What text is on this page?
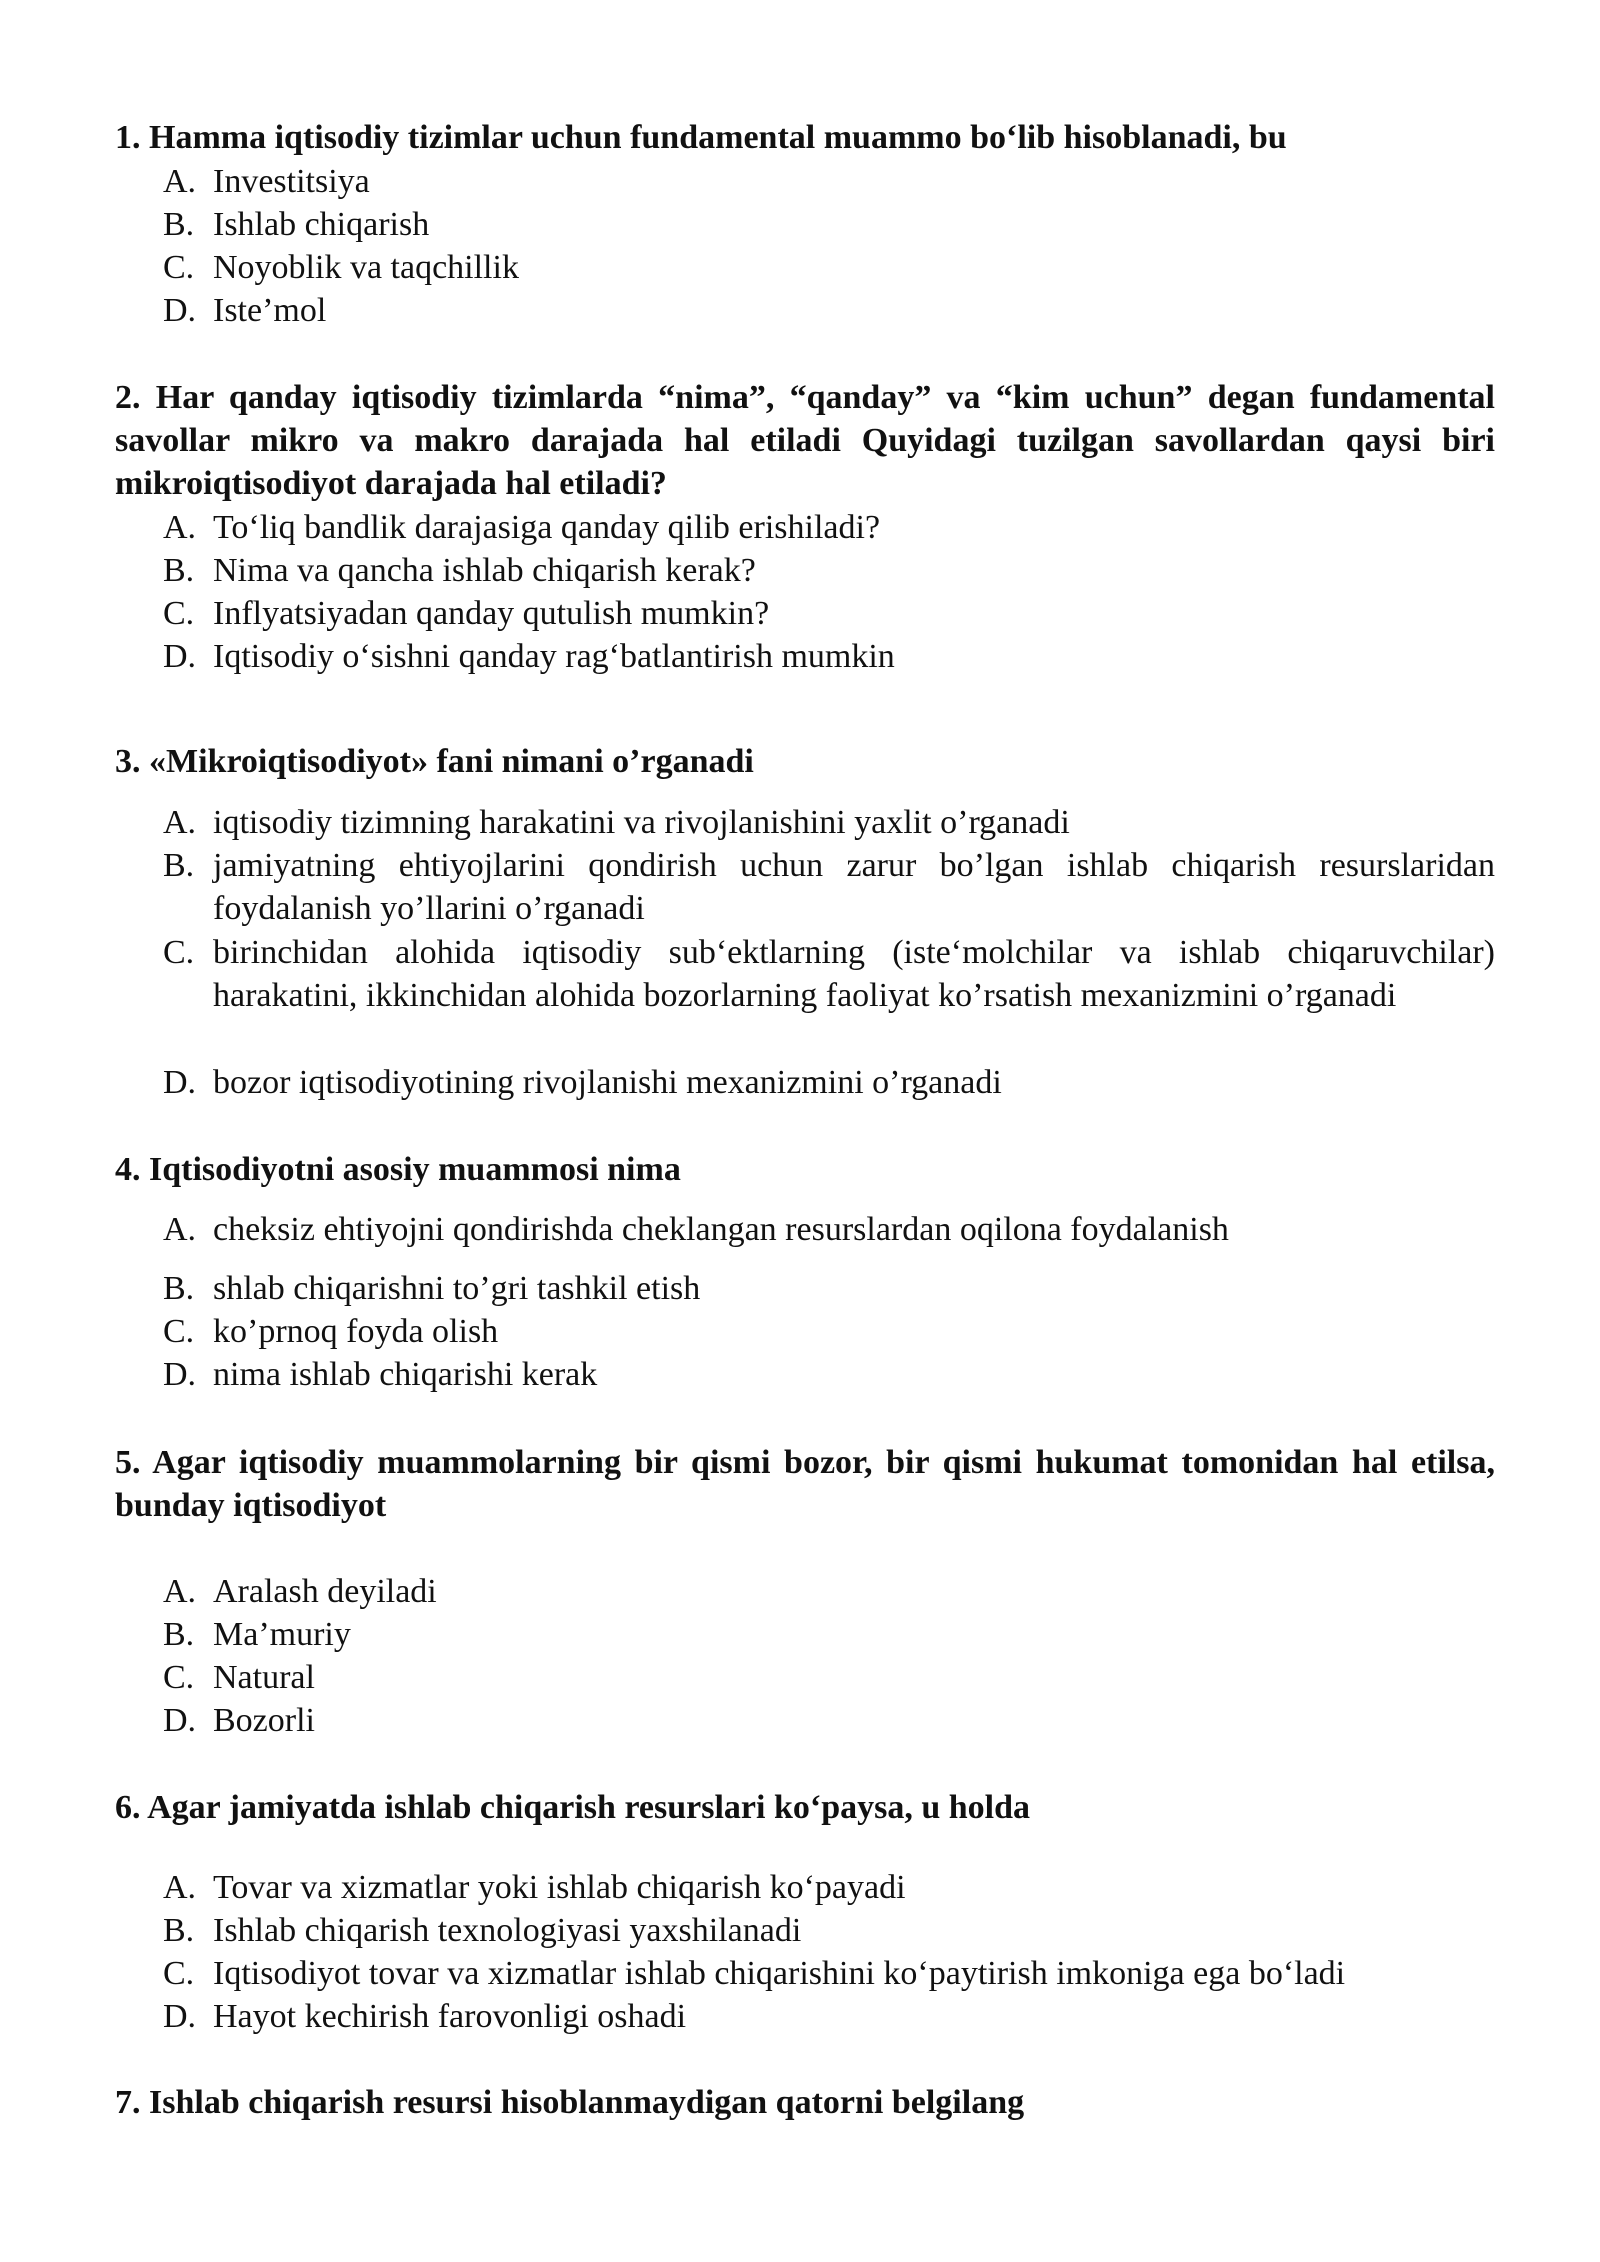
1. Hamma iqtisodiy tizimlar uchun fundamental muammo bo‘lib hisoblanadi, bu
A. Investitsiya
B. Ishlab chiqarish
C. Noyoblik va taqchillik
D. Iste’mol
2. Har qanday iqtisodiy tizimlarda “nima”, “qanday” va “kim uchun” degan fundamental savollar mikro va makro darajada hal etiladi Quyidagi tuzilgan savollardan qaysi biri mikroiqtisodiyot darajada hal etiladi?
A. To‘liq bandlik darajasiga qanday qilib erishiladi?
B. Nima va qancha ishlab chiqarish kerak?
C. Inflyatsiyadan qanday qutulish mumkin?
D. Iqtisodiy o‘sishni qanday rag‘batlantirish mumkin
3. «Mikroiqtisodiyot» fani nimani o’rganadi
A. iqtisodiy tizimning harakatini va rivojlanishini yaxlit o’rganadi
B. jamiyatning ehtiyojlarini qondirish uchun zarur bo’lgan ishlab chiqarish resurslaridan foydalanish yo’llarini o’rganadi
C. birinchidan alohida iqtisodiy sub‘ektlarning (iste‘molchilar va ishlab chiqaruvchilar) harakatini, ikkinchidan alohida bozorlarning faoliyat ko’rsatish mexanizmini o’rganadi
D. bozor iqtisodiyotining rivojlanishi mexanizmini o’rganadi
4. Iqtisodiyotni asosiy muammosi nima
A. cheksiz ehtiyojni qondirishda cheklangan resurslardan oqilona foydalanish
B. shlab chiqarishni to’gri tashkil etish
C. ko’prnoq foyda olish
D. nima ishlab chiqarishi kerak
5. Agar iqtisodiy muammolarning bir qismi bozor, bir qismi hukumat tomonidan hal etilsa, bunday iqtisodiyot
A. Aralash deyiladi
B. Ma’muriy
C. Natural
D. Bozorli
6. Agar jamiyatda ishlab chiqarish resurslari ko‘paysa, u holda
A. Tovar va xizmatlar yoki ishlab chiqarish ko‘payadi
B. Ishlab chiqarish texnologiyasi yaxshilanadi
C. Iqtisodiyot tovar va xizmatlar ishlab chiqarishini ko‘paytirish imkoniga ega bo‘ladi
D. Hayot kechirish farovonligi oshadi
7. Ishlab chiqarish resursi hisoblanmaydigan qatorni belgilang
